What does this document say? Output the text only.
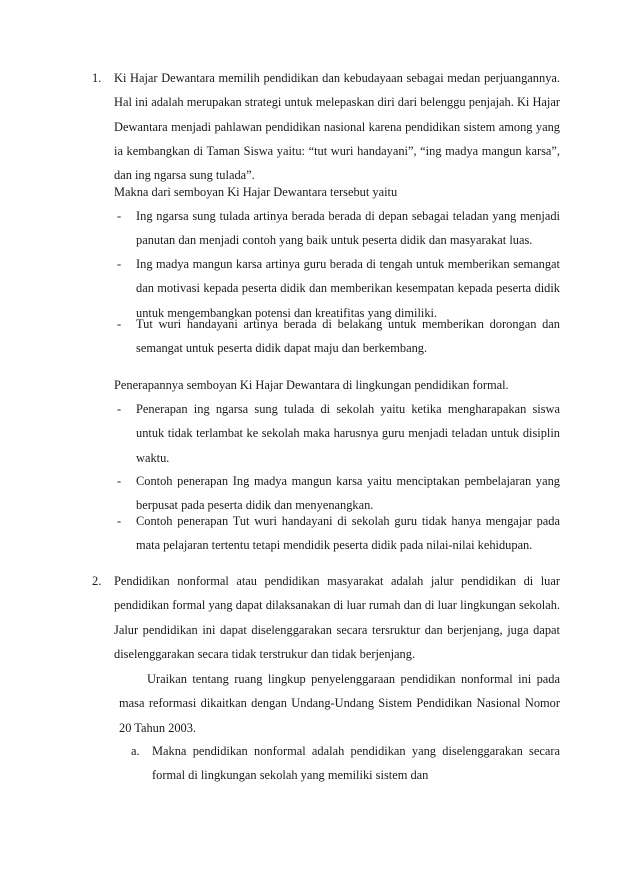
1. Ki Hajar Dewantara memilih pendidikan dan kebudayaan sebagai medan perjuangannya. Hal ini adalah merupakan strategi untuk melepaskan diri dari belenggu penjajah. Ki Hajar Dewantara menjadi pahlawan pendidikan nasional karena pendidikan sistem among yang ia kembangkan di Taman Siswa yaitu: “tut wuri handayani”, “ing madya mangun karsa”, dan ing ngarsa sung tulada”.

Makna dari semboyan Ki Hajar Dewantara tersebut yaitu

- Ing ngarsa sung tulada artinya berada berada di depan sebagai teladan yang menjadi panutan dan menjadi contoh yang baik untuk peserta didik dan masyarakat luas.

- Ing madya mangun karsa artinya guru berada di tengah untuk memberikan semangat dan motivasi kepada peserta didik dan memberikan kesempatan kepada peserta didik untuk mengembangkan potensi dan kreatifitas yang dimiliki.

- Tut wuri handayani artinya berada di belakang untuk memberikan dorongan dan semangat untuk peserta didik dapat maju dan berkembang.

Penerapannya semboyan Ki Hajar Dewantara di lingkungan pendidikan formal.

- Penerapan ing ngarsa sung tulada di sekolah yaitu ketika mengharapakan siswa untuk tidak terlambat ke sekolah maka harusnya guru menjadi teladan untuk disiplin waktu.

- Contoh penerapan Ing madya mangun karsa yaitu menciptakan pembelajaran yang berpusat pada peserta didik dan menyenangkan.

- Contoh penerapan Tut wuri handayani di sekolah guru tidak hanya mengajar pada mata pelajaran tertentu tetapi mendidik peserta didik pada nilai-nilai kehidupan.

2. Pendidikan nonformal atau pendidikan masyarakat adalah jalur pendidikan di luar pendidikan formal yang dapat dilaksanakan di luar rumah dan di luar lingkungan sekolah. Jalur pendidikan ini dapat diselenggarakan secara tersruktur dan berjenjang, juga dapat diselenggarakan secara tidak terstrukur dan tidak berjenjang.

Uraikan tentang ruang lingkup penyelenggaraan pendidikan nonformal ini pada masa reformasi dikaitkan dengan Undang-Undang Sistem Pendidikan Nasional Nomor 20 Tahun 2003.

a. Makna pendidikan nonformal adalah pendidikan yang diselenggarakan secara formal di lingkungan sekolah yang memiliki sistem dan
